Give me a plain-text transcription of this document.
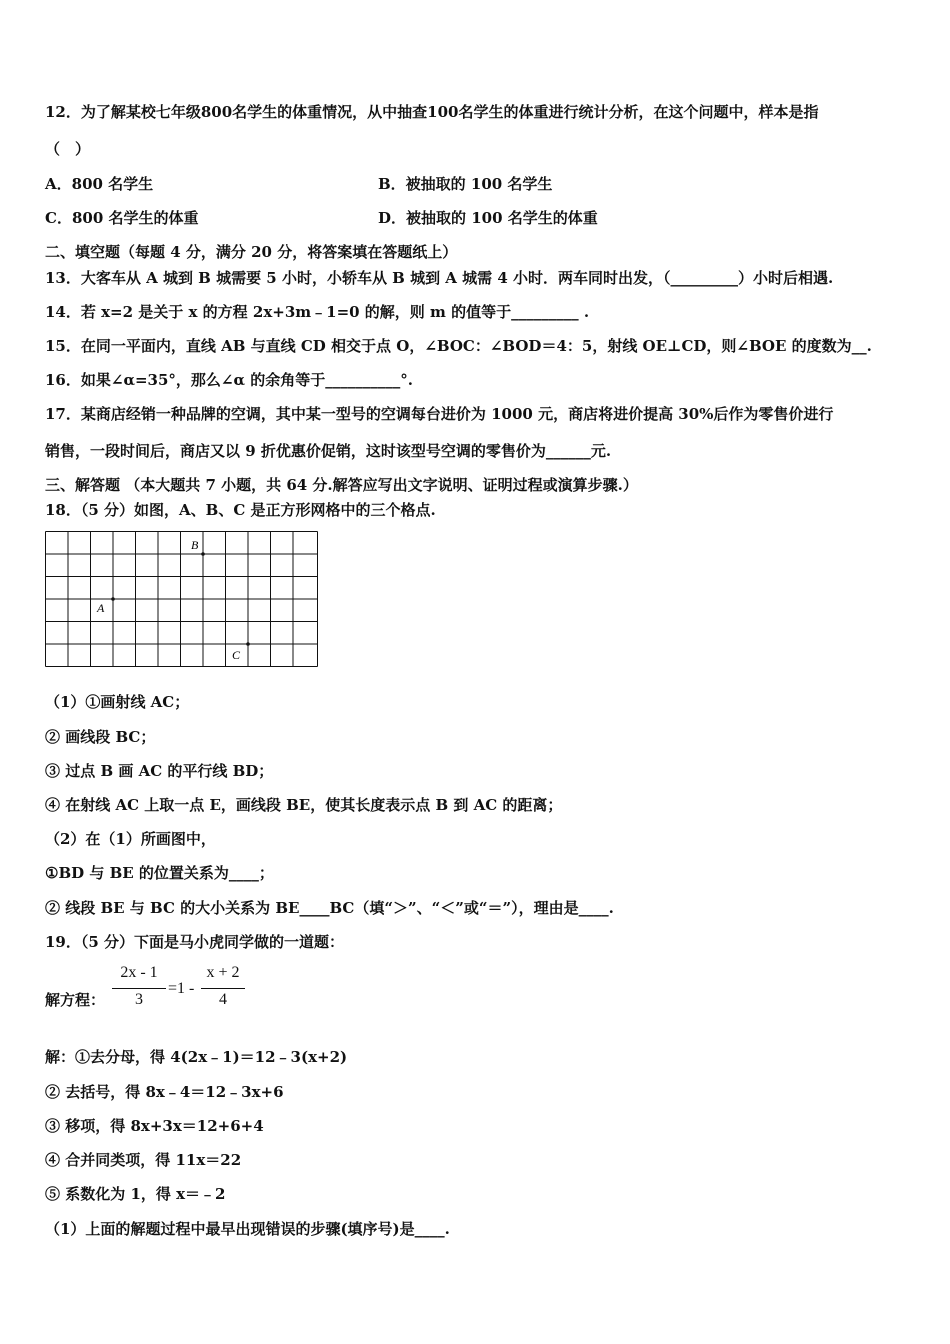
12．为了解某校七年级800名学生的体重情况，从中抽查100名学生的体重进行统计分析，在这个问题中，样本是指
（　）
A．800 名学生	B．被抽取的 100 名学生
C．800 名学生的体重	D．被抽取的 100 名学生的体重
二、填空题（每题 4 分，满分 20 分，将答案填在答题纸上）
13．大客车从 A 城到 B 城需要 5 小时，小轿车从 B 城到 A 城需 4 小时．两车同时出发，（_________）小时后相遇.
14．若 x=2 是关于 x 的方程 2x+3m﹣1=0 的解，则 m 的值等于_________ .
15．在同一平面内，直线 AB 与直线 CD 相交于点 O，∠BOC：∠BOD＝4：5，射线 OE⊥CD，则∠BOE 的度数为__.
16．如果∠α=35°，那么∠α 的余角等于__________°.
17．某商店经销一种品牌的空调，其中某一型号的空调每台进价为 1000 元，商店将进价提高 30%后作为零售价进行
销售，一段时间后，商店又以 9 折优惠价促销，这时该型号空调的零售价为______元.
三、解答题 （本大题共 7 小题，共 64 分.解答应写出文字说明、证明过程或演算步骤.）
18．（5 分）如图，A、B、C 是正方形网格中的三个格点.
B
A
C
（1）①画射线 AC；
② 画线段 BC；
③ 过点 B 画 AC 的平行线 BD；
④ 在射线 AC 上取一点 E，画线段 BE，使其长度表示点 B 到 AC 的距离；
（2）在（1）所画图中，
①BD 与 BE 的位置关系为____；
② 线段 BE 与 BC 的大小关系为 BE____BC（填“＞”、“＜”或“＝”），理由是____.
19．（5 分）下面是马小虎同学做的一道题：
解方程：
2x - 1
3
=1 -
x + 2
4
解：①去分母，得 4(2x﹣1)＝12﹣3(x+2)
② 去括号，得 8x﹣4＝12﹣3x+6
③ 移项，得 8x+3x＝12+6+4
④ 合并同类项，得 11x＝22
⑤ 系数化为 1，得 x＝﹣2
（1）上面的解题过程中最早出现错误的步骤(填序号)是____.
